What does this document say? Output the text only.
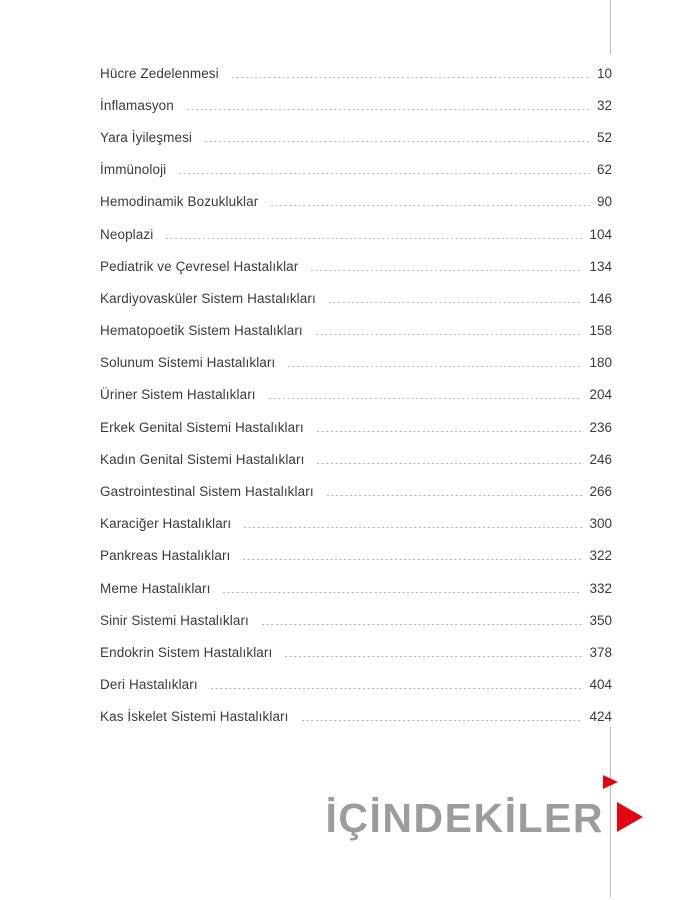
Hücre Zedelenmesi	10
İnflamasyon	32
Yara İyileşmesi	52
İmmünoloji	62
Hemodinamik Bozukluklar	90
Neoplazi	104
Pediatrik ve Çevresel Hastalıklar	134
Kardiyovasküler Sistem Hastalıkları	146
Hematopoetik Sistem Hastalıkları	158
Solunum Sistemi Hastalıkları	180
Üriner Sistem Hastalıkları	204
Erkek Genital Sistemi Hastalıkları	236
Kadın Genital Sistemi Hastalıkları	246
Gastrointestinal Sistem Hastalıkları	266
Karaciğer Hastalıkları	300
Pankreas Hastalıkları	322
Meme Hastalıkları	332
Sinir Sistemi Hastalıkları	350
Endokrin Sistem Hastalıkları	378
Deri Hastalıkları	404
Kas İskelet Sistemi Hastalıkları	424
İÇİNDEKİLER
